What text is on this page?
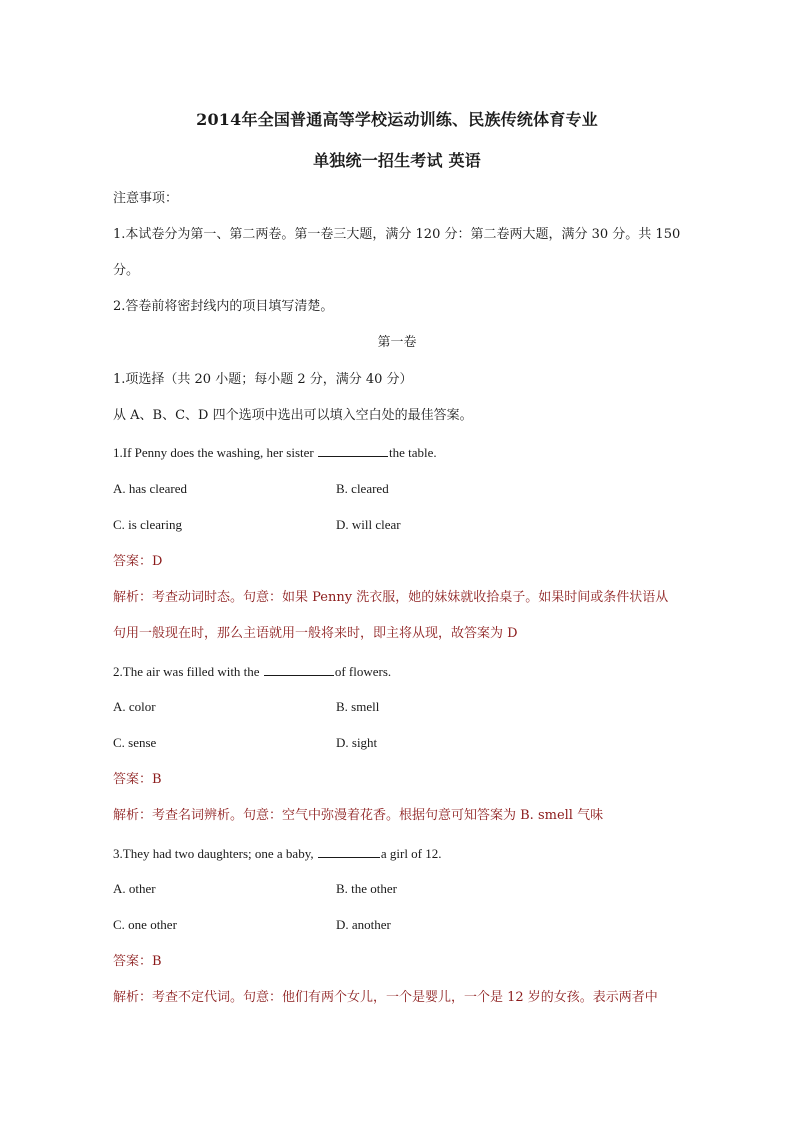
2014年全国普通高等学校运动训练、民族传统体育专业
单独统一招生考试 英语
注意事项：
1.本试卷分为第一、第二两卷。第一卷三大题，满分 120 分：第二卷两大题，满分 30 分。共 150
分。
2.答卷前将密封线内的项目填写清楚。
第一卷
1.项选择（共 20 小题；每小题 2 分，满分 40 分）
从 A、B、C、D 四个选项中选出可以填入空白处的最佳答案。
1.If Penny does the washing, her sister	the table.
A. has cleared	B. cleared
C. is clearing	D. will clear
答案：D
解析：考查动词时态。句意：如果 Penny 洗衣服，她的妹妹就收拾桌子。如果时间或条件状语从
句用一般现在时，那么主语就用一般将来时，即主将从现，故答案为 D
2.The air was filled with the	of flowers.
A. color	B. smell
C. sense	D. sight
答案：B
解析：考查名词辨析。句意：空气中弥漫着花香。根据句意可知答案为 B. smell 气味
3.They had two daughters; one a baby,	a girl of 12.
A. other	B. the other
C. one other	D. another
答案：B
解析：考查不定代词。句意：他们有两个女儿，一个是婴儿，一个是 12 岁的女孩。表示两者中
